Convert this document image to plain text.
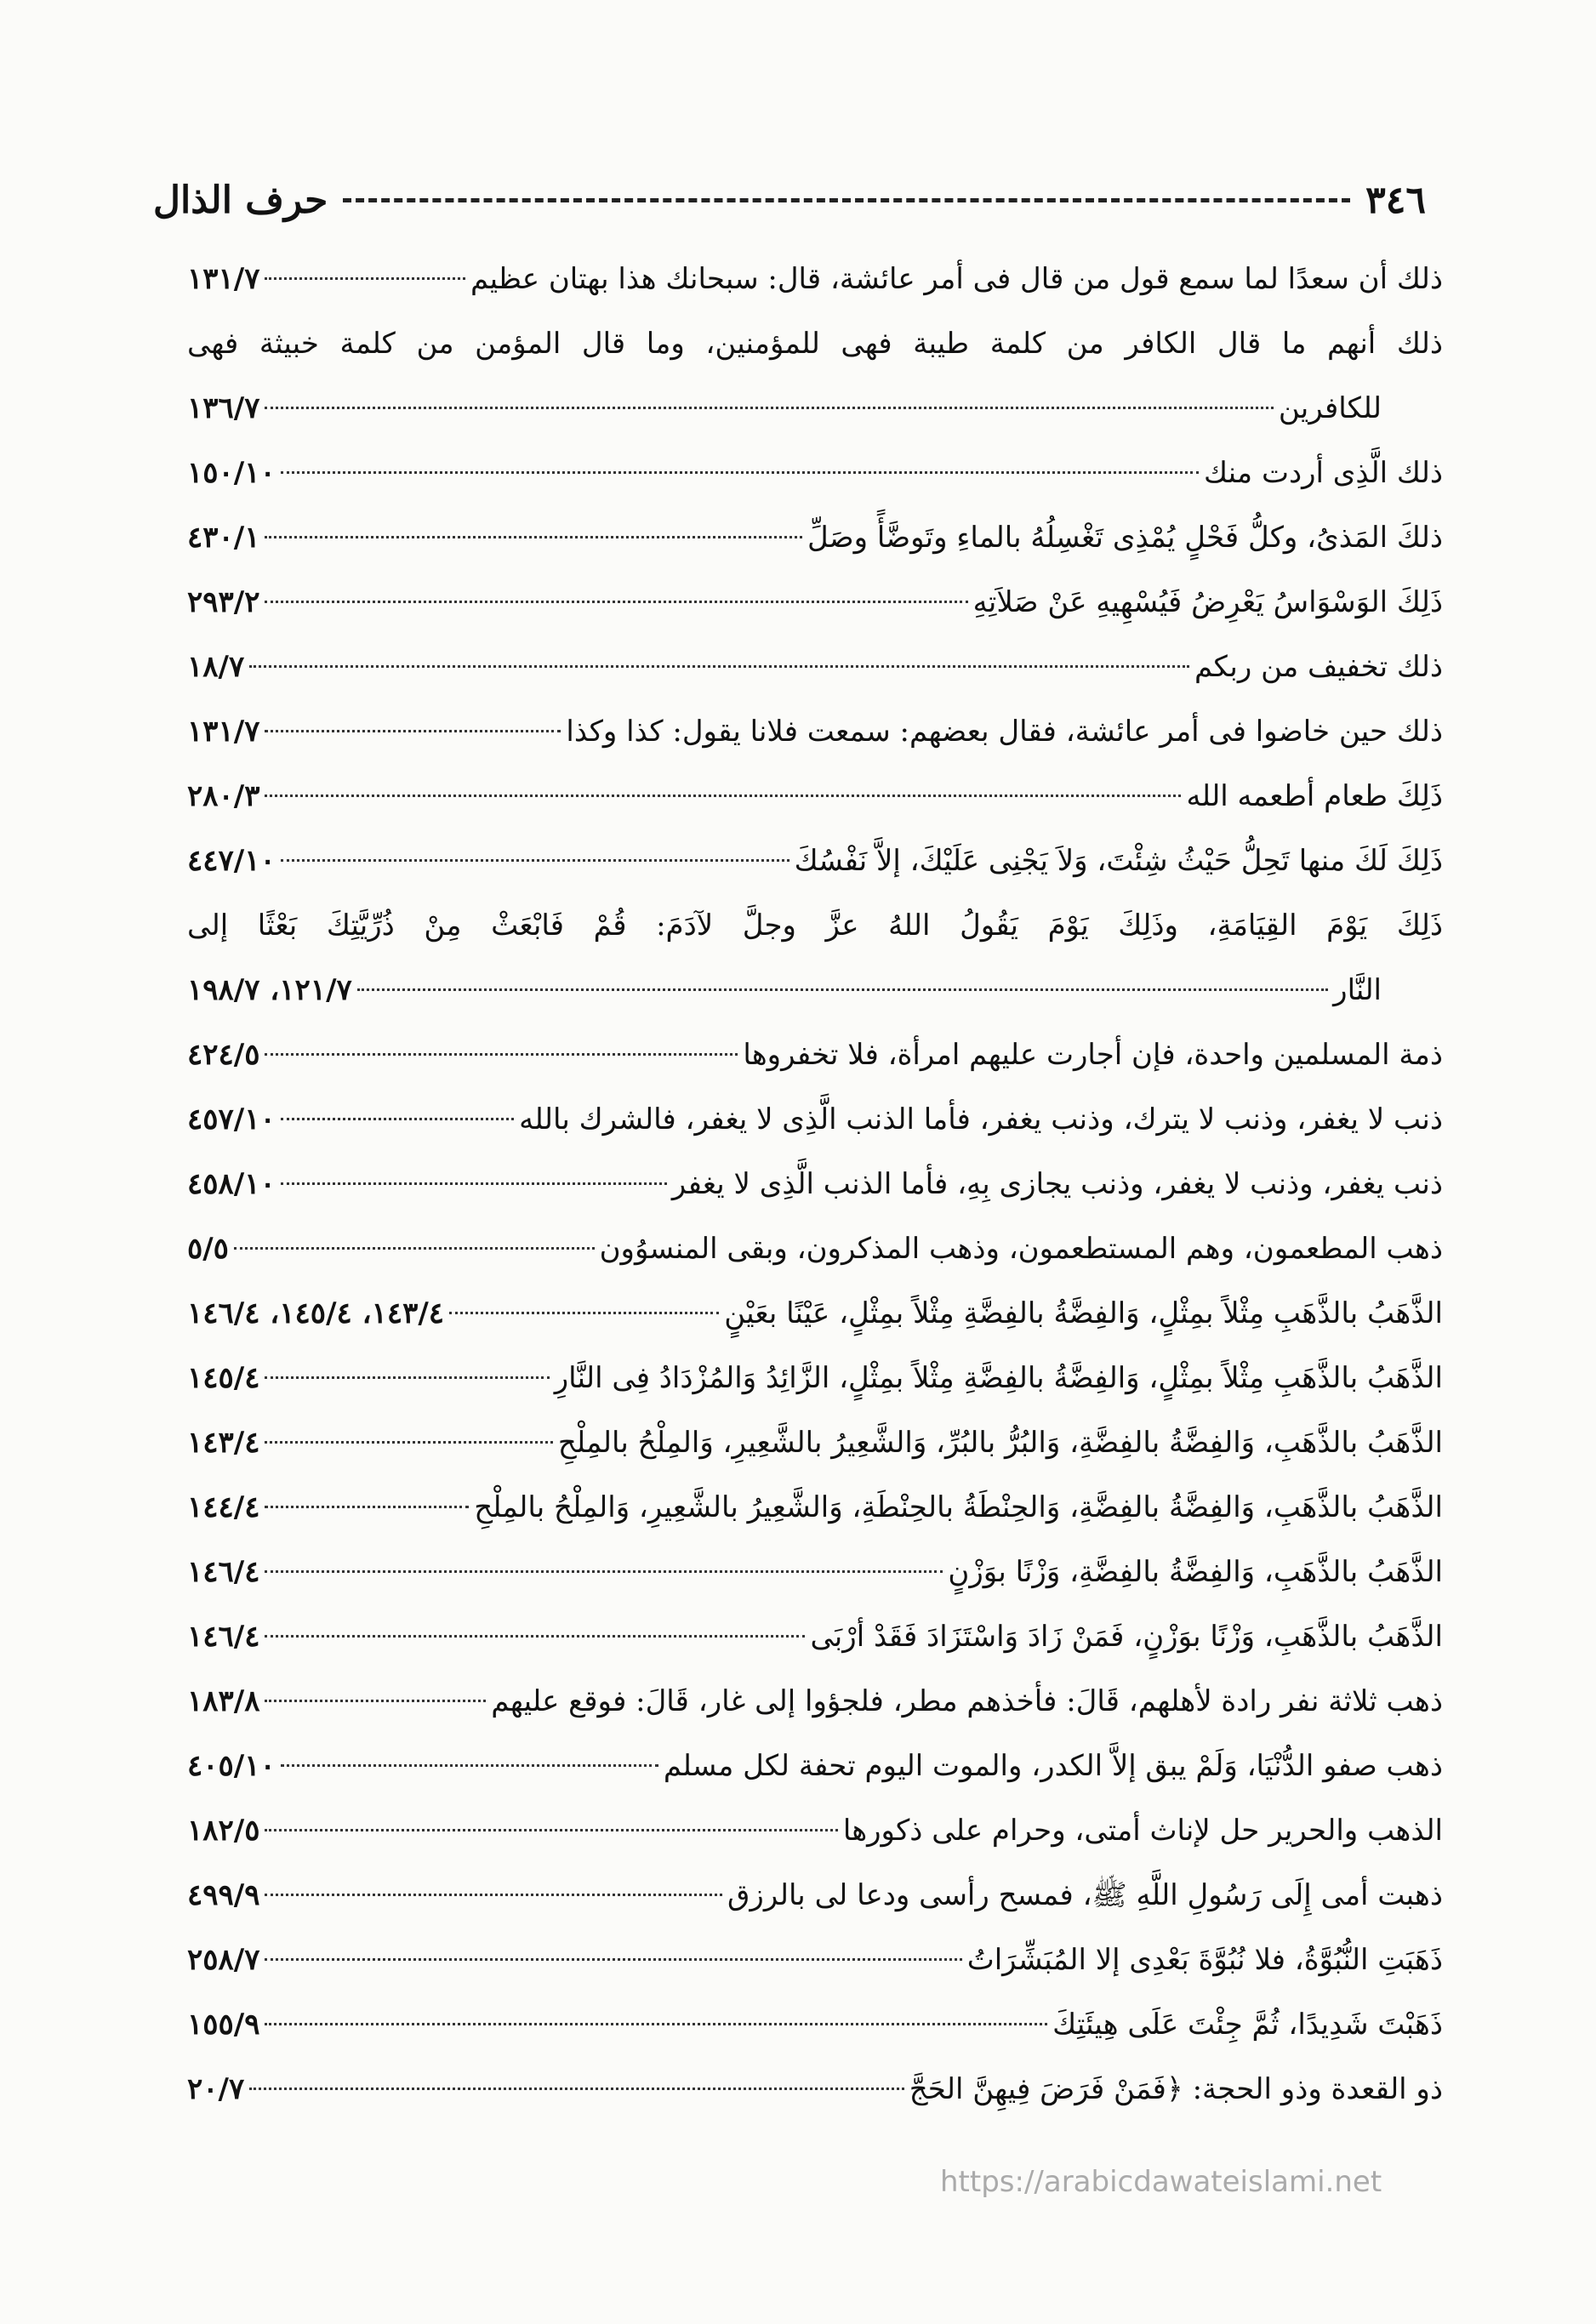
٣٤٦
حرف الذال
ذلك أن سعدًا لما سمع قول من قال فى أمر عائشة، قال: سبحانك هذا بهتان عظيم
١٣١/٧
ذلك أنهم ما قال الكافر من كلمة طيبة فهى للمؤمنين، وما قال المؤمن من كلمة خبيثة فهى
للكافرين
١٣٦/٧
ذلك الَّذِى أردت منك
١٥٠/١٠
ذلكَ المَذىُ، وكلُّ فَحْلٍ يُمْذِى تَغْسِلُهُ بالماءِ وتَوضَّأً وصَلِّ
٤٣٠/١
ذَلِكَ الوَسْوَاسُ يَعْرِضُ فَيُسْهِيهِ عَنْ صَلاَتِهِ
٢٩٣/٢
ذلك تخفيف من ربكم
١٨/٧
ذلك حين خاضوا فى أمر عائشة، فقال بعضهم: سمعت فلانا يقول: كذا وكذا
١٣١/٧
ذَلِكَ طعام أطعمه الله
٢٨٠/٣
ذَلِكَ لَكَ منها تَحِلُّ حَيْثُ شِئْتَ، وَلاَ يَجْنِى عَلَيْكَ، إلاَّ نَفْسُكَ
٤٤٧/١٠
ذَلِكَ يَوْمَ القِيَامَةِ، وذَلِكَ يَوْمَ يَقُولُ اللهُ عزَّ وجلَّ لآدَمَ: قُمْ فَابْعَثْ مِنْ ذُرِّيَّتِكَ بَعْثًا إلى
النَّار
١٢١/٧، ١٩٨/٧
ذمة المسلمين واحدة، فإن أجارت عليهم امرأة، فلا تخفروها
٤٢٤/٥
ذنب لا يغفر، وذنب لا يترك، وذنب يغفر، فأما الذنب الَّذِى لا يغفر، فالشرك بالله
٤٥٧/١٠
ذنب يغفر، وذنب لا يغفر، وذنب يجازى بِهِ، فأما الذنب الَّذِى لا يغفر
٤٥٨/١٠
ذهب المطعمون، وهم المستطعمون، وذهب المذكرون، وبقى المنسوُون
٥/٥
الذَّهَبُ بالذَّهَبِ مِثْلاً بمِثْلٍ، وَالفِضَّةُ بالفِضَّةِ مِثْلاً بمِثْلٍ، عَيْنًا بعَيْنٍ
١٤٣/٤، ١٤٥/٤، ١٤٦/٤
الذَّهَبُ بالذَّهَبِ مِثْلاً بمِثْلٍ، وَالفِضَّةُ بالفِضَّةِ مِثْلاً بمِثْلٍ، الزَّائِدُ وَالمُزْدَادُ فِى النَّارِ
١٤٥/٤
الذَّهَبُ بالذَّهَبِ، وَالفِضَّةُ بالفِضَّةِ، وَالبُرُّ بالبُرِّ، وَالشَّعِيرُ بالشَّعِيرِ، وَالمِلْحُ بالمِلْحِ
١٤٣/٤
الذَّهَبُ بالذَّهَبِ، وَالفِضَّةُ بالفِضَّةِ، وَالحِنْطَةُ بالحِنْطَةِ، وَالشَّعِيرُ بالشَّعِيرِ، وَالمِلْحُ بالمِلْحِ
١٤٤/٤
الذَّهَبُ بالذَّهَبِ، وَالفِضَّةُ بالفِضَّةِ، وَزْنًا بوَزْنٍ
١٤٦/٤
الذَّهَبُ بالذَّهَبِ، وَزْنًا بوَزْنٍ، فَمَنْ زَادَ وَاسْتَزَادَ فَقَدْ أرْبَى
١٤٦/٤
ذهب ثلاثة نفر رادة لأهلهم، قَالَ: فأخذهم مطر، فلجؤوا إلى غار، قَالَ: فوقع عليهم
١٨٣/٨
ذهب صفو الدُّنْيَا، وَلَمْ يبق إلاَّ الكدر، والموت اليوم تحفة لكل مسلم
٤٠٥/١٠
الذهب والحرير حل لإناث أمتى، وحرام على ذكورها
١٨٢/٥
ذهبت أمى إِلَى رَسُولِ اللَّهِ ﷺ، فمسح رأسى ودعا لى بالرزق
٤٩٩/٩
ذَهَبَتِ النُّبُوَّةُ، فلا نُبُوَّةَ بَعْدِى إلا المُبَشِّرَاتُ
٢٥٨/٧
ذَهَبْتَ شَدِيدًا، ثُمَّ جِئْتَ عَلَى هِيئَتِكَ
١٥٥/٩
ذو القعدة وذو الحجة: ﴿فَمَنْ فَرَضَ فِيهِنَّ الحَجَّ
٢٠/٧
https://arabicdawateislami.net
